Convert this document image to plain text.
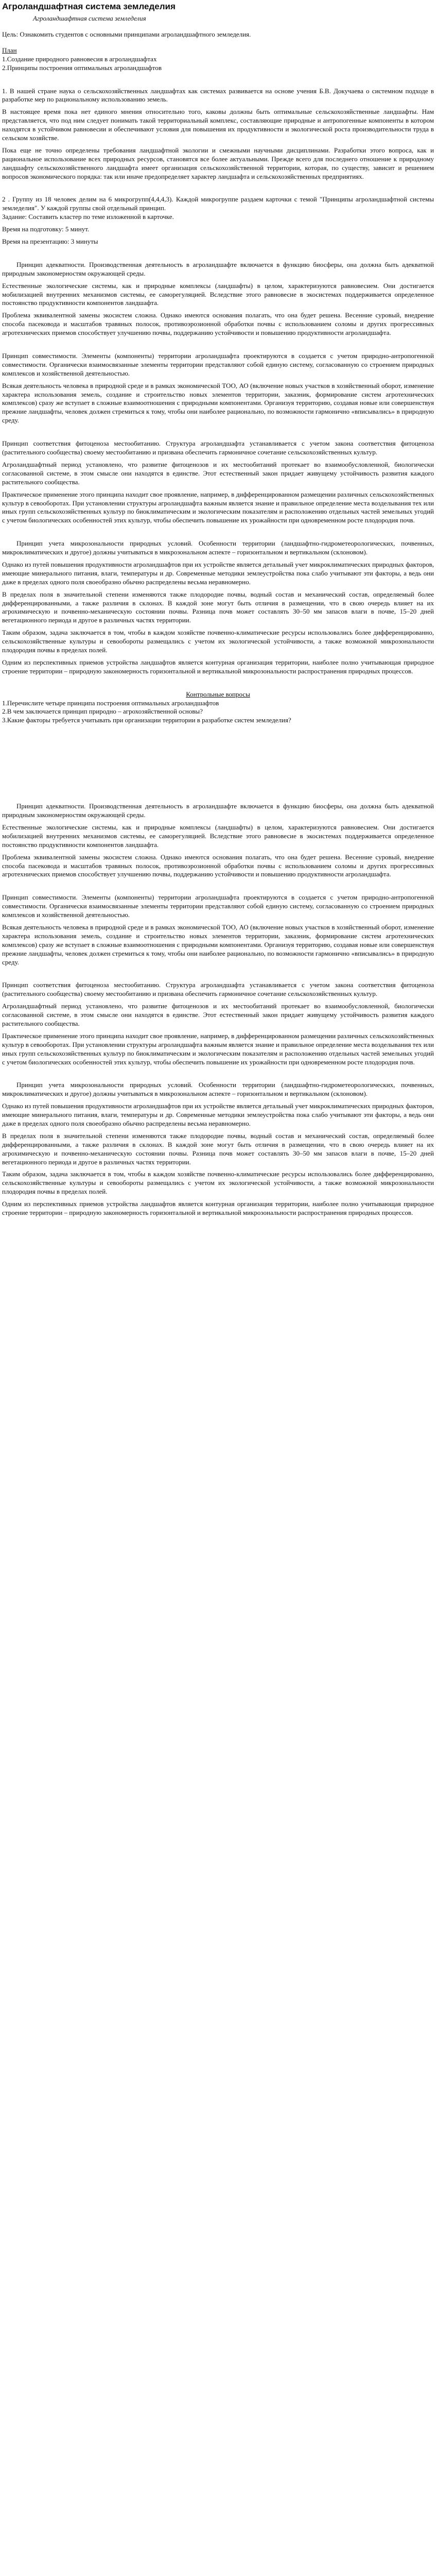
Агроландшафтная система земледелия
Агроландшафтная система земледелия

Цель: Ознакомить студентов с основными принципами агроландшафтного земледелия.

План

1.Создание природного равновесия в агроландшафтах

2.Принципы построения оптимальных агроландшафтов

1. В нашей стране наука о сельскохозяйственных ландшафтах как системах развивается на основе учения Б.В. Докучаева о системном подходе в разработке мер по рациональному использованию земель.

В настоящее время пока нет единого мнения относительно того, каковы должны быть оптимальные сельскохозяйственные ландшафты. Нам представляется, что под ним следует понимать такой территориальный комплекс, составляющие природные и антропогенные компоненты в котором находятся в устойчивом равновесии и обеспечивают условия для повышения их продуктивности и экологической роста производительности труда в сельском хозяйстве.

Пока еще не точно определены требования ландшафтной экологии и смежными научными дисциплинами. Разработки этого вопроса, как и рациональное использование всех природных ресурсов, становятся все более актуальными. Прежде всего для последнего отношение к природному ландшафту сельскохозяйственного ландшафта имеет организация сельскохозяйственной территории, которая, по существу, зависит и решением вопросов экономического порядка: так или иначе предопределяет характер ландшафта и сельскохозяйственных предприятиях.

2 . Группу из 18 человек делим на 6 микрогрупп(4,4,4,3). Каждой микрогруппе раздаем карточки с темой "Принципы агроландшафтной системы земледелия". У каждой группы свой отдельный принцип.

Задание: Составить кластер по теме изложенной в карточке.

Время на подготовку: 5 минут.

Время на презентацию: 3 минуты

Принцип адекватности. Производственная деятельность в агроландшафте включается в функцию биосферы, она должна быть адекватной природным закономерностям окружающей среды.

Естественные экологические системы, как и природные комплексы (ландшафты) в целом, характеризуются равновесием. Они достигается мобилизацией внутренних механизмов системы, ее саморегуляцией. Вследствие этого равновесие в экосистемах поддерживается определенное постоянство продуктивности компонентов ландшафта.

Проблема эквивалентной замены экосистем сложна. Однако имеются основания полагать, что она будет решена. Весенние суровый, внедрение способа пасековода и масштабов травяных полосок, противоэрозионной обработки почвы с использованием соломы и других прогрессивных агротехнических приемов способствует улучшению почвы, поддержанию устойчивости и повышению продуктивности агроландшафта.

Принцип совместимости. Элементы (компоненты) территории агроландшафта проектируются в создается с учетом природно-антропогенной совместимости. Органически взаимосвязанные элементы территории представляют собой единую систему, согласованную со строением природных комплексов и хозяйственной деятельностью.

Всякая деятельность человека в природной среде и в рамках экономической ТОО, АО (включение новых участков в хозяйственный оборот, изменение характера использования земель, создание и строительство новых элементов территории, заказник, формирование систем агротехнических комплексов) сразу же вступает в сложные взаимоотношения с природными компонентами. Организуя территорию, создавая новые или совершенствуя прежние ландшафты, человек должен стремиться к тому, чтобы они наиболее рационально, по возможности гармонично «вписывались» в природную среду.

Принцип соответствия фитоценоза местообитанию. Структура агроландшафта устанавливается с учетом закона соответствия фитоценоза (растительного сообщества) своему местообитанию и призвана обеспечить гармоничное сочетание сельскохозяйственных культур.

Агроландшафтный период установлено, что развитие фитоценозов и их местообитаний протекает во взаимообусловленной, биологически согласованной системе, в этом смысле они находятся в единстве. Этот естественный закон придает живущему устойчивость развития каждого растительного сообщества.

Практическое применение этого принципа находит свое проявление, например, в дифференцированном размещении различных сельскохозяйственных культур в севооборотах. При установлении структуры агроландшафта важным является знание и правильное определение места возделывания тех или иных групп сельскохозяйственных культур по биоклиматическим и экологическим показателям и расположению отдельных частей земельных угодий с учетом биологических особенностей этих культур, чтобы обеспечить повышение их урожайности при одновременном росте плодородия почв.

Принцип учета микрозональности природных условий. Особенности территории (ландшафтно-гидрометеорологических, почвенных, микроклиматических и другое) должны учитываться в микрозональном аспекте – горизонтальном и вертикальном (склоновом).

Однако из путей повышения продуктивности агроландшафтов при их устройстве является детальный учет микроклиматических природных факторов, имеющие минерального питания, влаги, температуры и др. Современные методики землеустройства пока слабо учитывают эти факторы, а ведь они даже в пределах одного поля своеобразно обычно распределены весьма неравномерно.

В пределах поля в значительной степени изменяются также плодородие почвы, водный состав и механический состав, определяемый более дифференцированными, а также различия в склонах. В каждой зоне могут быть отличия в размещении, что в свою очередь влияет на их агрохимическую и почвенно-механическую состоянии почвы. Разница почв может составлять 30–50 мм запасов влаги в почве, 15–20 дней вегетационного периода и другое в различных частях территории.

Таким образом, задача заключается в том, чтобы в каждом хозяйстве почвенно-климатические ресурсы использовались более дифференцированно, сельскохозяйственные культуры и севообороты размещались с учетом их экологической устойчивости, а также возможной микрозональности плодородия почвы в пределах полей.

Одним из перспективных приемов устройства ландшафтов является контурная организация территории, наиболее полно учитывающая природное строение территории – природную закономерность горизонтальной и вертикальной микрозональности распространения природных процессов.

Контрольные вопросы

1.Перечислите четыре принципа построения оптимальных агроландшафтов

2.В чем заключается принцип природно – агрохозяйственной основы?

3.Какие факторы требуется учитывать при организации территории в разработке систем земледелия?

Принцип адекватности. Производственная деятельность в агроландшафте включается в функцию биосферы, она должна быть адекватной природным закономерностям окружающей среды.

Естественные экологические системы, как и природные комплексы (ландшафты) в целом, характеризуются равновесием. Они достигается мобилизацией внутренних механизмов системы, ее саморегуляцией. Вследствие этого равновесие в экосистемах поддерживается определенное постоянство продуктивности компонентов ландшафта.

Проблема эквивалентной замены экосистем сложна. Однако имеются основания полагать, что она будет решена. Весенние суровый, внедрение способа пасековода и масштабов травяных полосок, противоэрозионной обработки почвы с использованием соломы и других прогрессивных агротехнических приемов способствует улучшению почвы, поддержанию устойчивости и повышению продуктивности агроландшафта.

Принцип совместимости. Элементы (компоненты) территории агроландшафта проектируются в создается с учетом природно-антропогенной совместимости. Органически взаимосвязанные элементы территории представляют собой единую систему, согласованную со строением природных комплексов и хозяйственной деятельностью.

Всякая деятельность человека в природной среде и в рамках экономической ТОО, АО (включение новых участков в хозяйственный оборот, изменение характера использования земель, создание и строительство новых элементов территории, заказник, формирование систем агротехнических комплексов) сразу же вступает в сложные взаимоотношения с природными компонентами. Организуя территорию, создавая новые или совершенствуя прежние ландшафты, человек должен стремиться к тому, чтобы они наиболее рационально, по возможности гармонично «вписывались» в природную среду.

Принцип соответствия фитоценоза местообитанию. Структура агроландшафта устанавливается с учетом закона соответствия фитоценоза (растительного сообщества) своему местообитанию и призвана обеспечить гармоничное сочетание сельскохозяйственных культур.

Агроландшафтный период установлено, что развитие фитоценозов и их местообитаний протекает во взаимообусловленной, биологически согласованной системе, в этом смысле они находятся в единстве. Этот естественный закон придает живущему устойчивость развития каждого растительного сообщества.

Практическое применение этого принципа находит свое проявление, например, в дифференцированном размещении различных сельскохозяйственных культур в севооборотах. При установлении структуры агроландшафта важным является знание и правильное определение места возделывания тех или иных групп сельскохозяйственных культур по биоклиматическим и экологическим показателям и расположению отдельных частей земельных угодий с учетом биологических особенностей этих культур, чтобы обеспечить повышение их урожайности при одновременном росте плодородия почв.

Принцип учета микрозональности природных условий. Особенности территории (ландшафтно-гидрометеорологических, почвенных, микроклиматических и другое) должны учитываться в микрозональном аспекте – горизонтальном и вертикальном (склоновом).

Однако из путей повышения продуктивности агроландшафтов при их устройстве является детальный учет микроклиматических природных факторов, имеющие минерального питания, влаги, температуры и др. Современные методики землеустройства пока слабо учитывают эти факторы, а ведь они даже в пределах одного поля своеобразно обычно распределены весьма неравномерно.

В пределах поля в значительной степени изменяются также плодородие почвы, водный состав и механический состав, определяемый более дифференцированными, а также различия в склонах. В каждой зоне могут быть отличия в размещении, что в свою очередь влияет на их агрохимическую и почвенно-механическую состоянии почвы. Разница почв может составлять 30–50 мм запасов влаги в почве, 15–20 дней вегетационного периода и другое в различных частях территории.

Таким образом, задача заключается в том, чтобы в каждом хозяйстве почвенно-климатические ресурсы использовались более дифференцированно, сельскохозяйственные культуры и севообороты размещались с учетом их экологической устойчивости, а также возможной микрозональности плодородия почвы в пределах полей.

Одним из перспективных приемов устройства ландшафтов является контурная организация территории, наиболее полно учитывающая природное строение территории – природную закономерность горизонтальной и вертикальной микрозональности распространения природных процессов.
